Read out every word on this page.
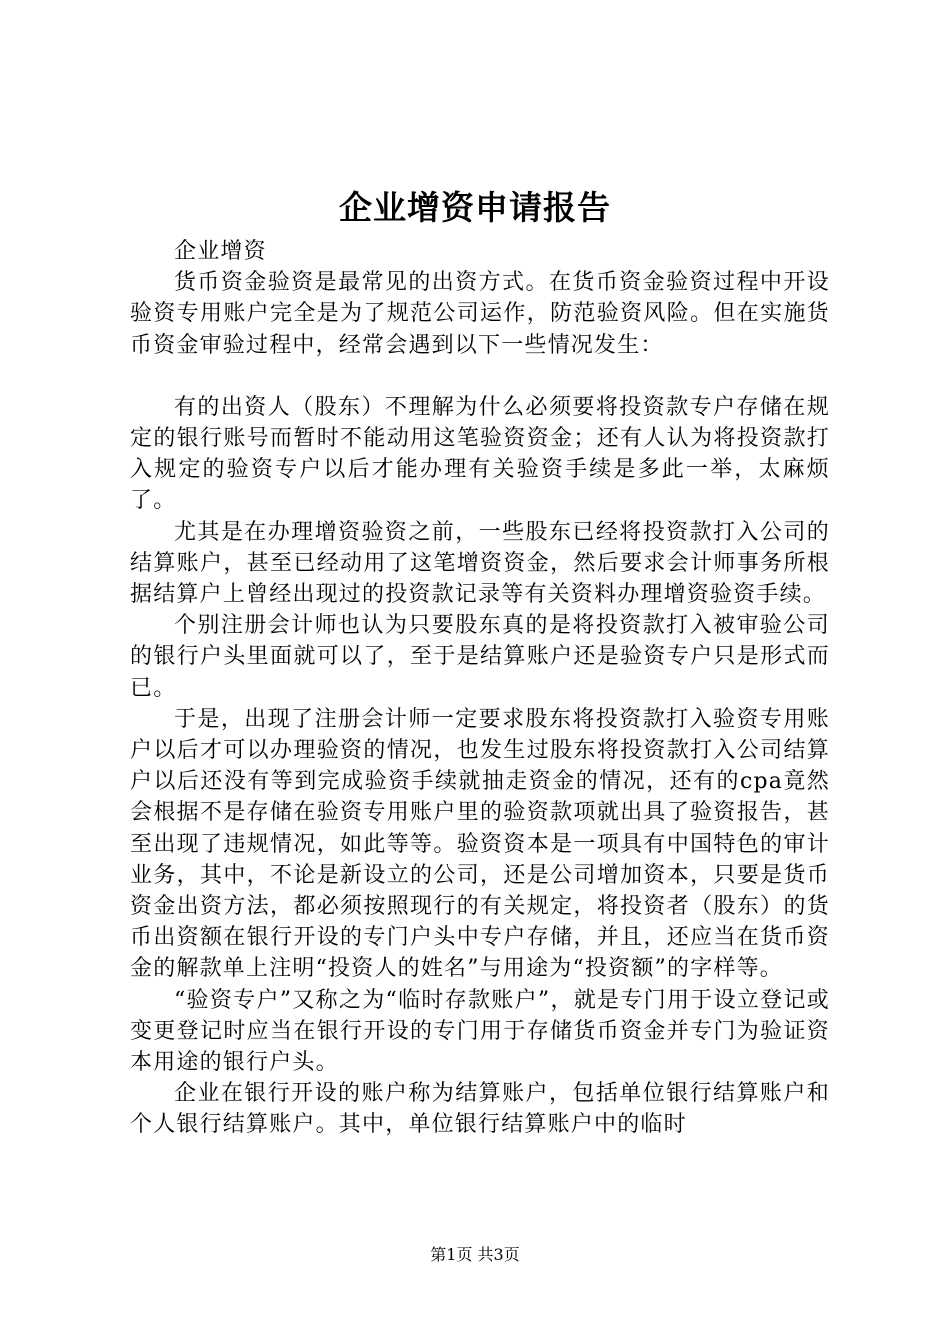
企业增资申请报告

企业增资

货币资金验资是最常见的出资方式。在货币资金验资过程中开设验资专用账户完全是为了规范公司运作，防范验资风险。但在实施货币资金审验过程中，经常会遇到以下一些情况发生：

有的出资人（股东）不理解为什么必须要将投资款专户存储在规定的银行账号而暂时不能动用这笔验资资金；还有人认为将投资款打入规定的验资专户以后才能办理有关验资手续是多此一举，太麻烦了。

尤其是在办理增资验资之前，一些股东已经将投资款打入公司的结算账户，甚至已经动用了这笔增资资金，然后要求会计师事务所根据结算户上曾经出现过的投资款记录等有关资料办理增资验资手续。

个别注册会计师也认为只要股东真的是将投资款打入被审验公司的银行户头里面就可以了，至于是结算账户还是验资专户只是形式而已。

于是，出现了注册会计师一定要求股东将投资款打入验资专用账户以后才可以办理验资的情况，也发生过股东将投资款打入公司结算户以后还没有等到完成验资手续就抽走资金的情况，还有的cpa竟然会根据不是存储在验资专用账户里的验资款项就出具了验资报告，甚至出现了违规情况，如此等等。验资资本是一项具有中国特色的审计业务，其中，不论是新设立的公司，还是公司增加资本，只要是货币资金出资方法，都必须按照现行的有关规定，将投资者（股东）的货币出资额在银行开设的专门户头中专户存储，并且，还应当在货币资金的解款单上注明“投资人的姓名”与用途为“投资额”的字样等。

“验资专户”又称之为“临时存款账户”，就是专门用于设立登记或变更登记时应当在银行开设的专门用于存储货币资金并专门为验证资本用途的银行户头。

企业在银行开设的账户称为结算账户，包括单位银行结算账户和个人银行结算账户。其中，单位银行结算账户中的临时

第1页 共3页
